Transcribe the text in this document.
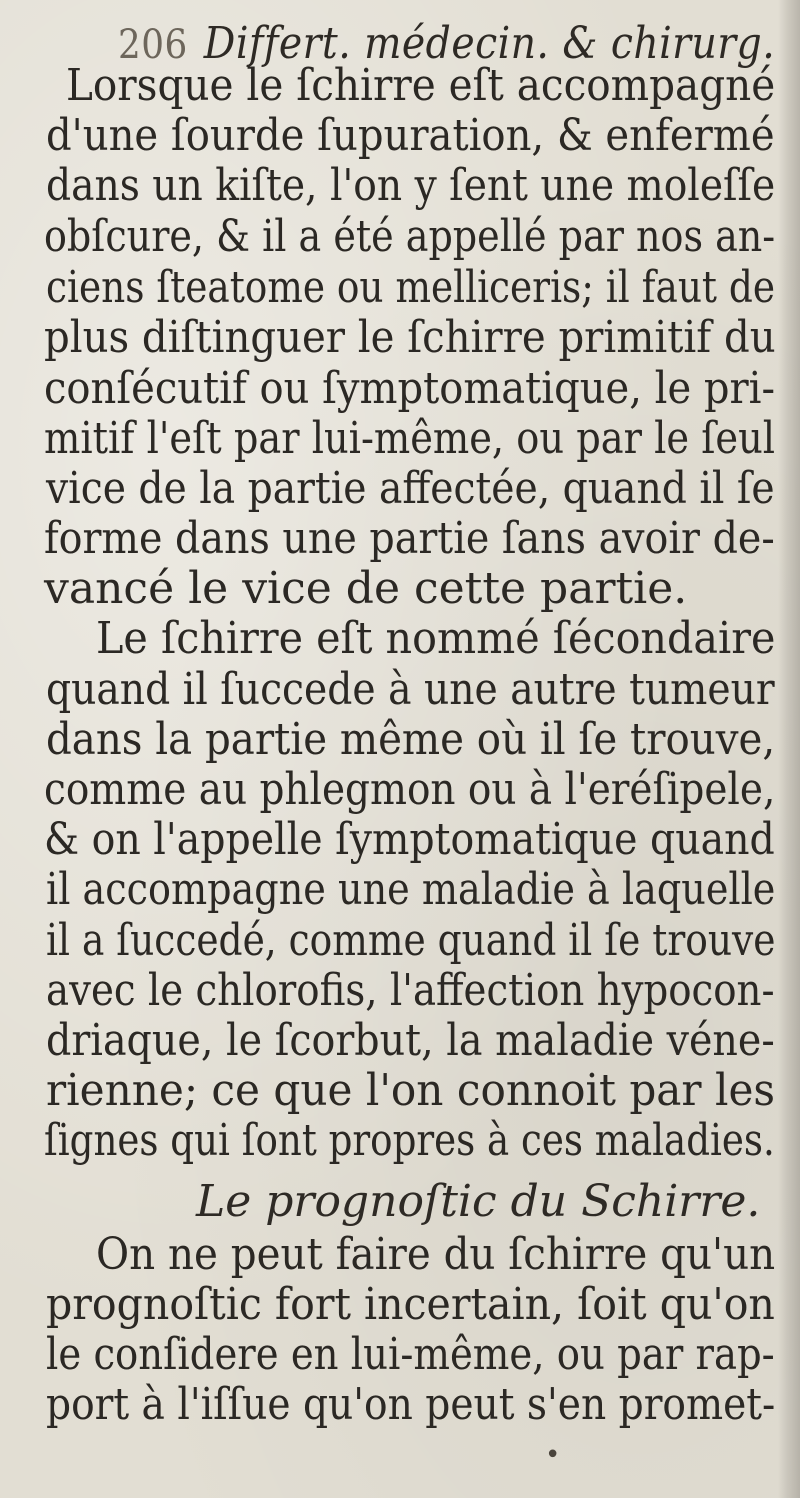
206 Differt. médecin. & chirurg.
Lorsque le ſchirre eſt accompagné
d'une ſourde ſupuration, & enfermé
dans un kiſte, l'on y ſent une moleſſe
obſcure, & il a été appellé par nos an-
ciens ſteatome ou melliceris; il faut de
plus diſtinguer le ſchirre primitif du
conſécutif ou ſymptomatique, le pri-
mitif l'eſt par lui-même, ou par le ſeul
vice de la partie affectée, quand il ſe
forme dans une partie ſans avoir de-
vancé le vice de cette partie.
Le ſchirre eſt nommé ſécondaire
quand il ſuccede à une autre tumeur
dans la partie même où il ſe trouve,
comme au phlegmon ou à l'eréſipele,
& on l'appelle ſymptomatique quand
il accompagne une maladie à laquelle
il a ſuccedé, comme quand il ſe trouve
avec le chlorofis, l'affection hypocon-
driaque, le ſcorbut, la maladie véne-
rienne; ce que l'on connoit par les
ſignes qui ſont propres à ces maladies.
Le prognoſtic du Schirre.
On ne peut faire du ſchirre qu'un
prognoſtic fort incertain, ſoit qu'on
le conſidere en lui-même, ou par rap-
port à l'iſſue qu'on peut s'en promet-
•
